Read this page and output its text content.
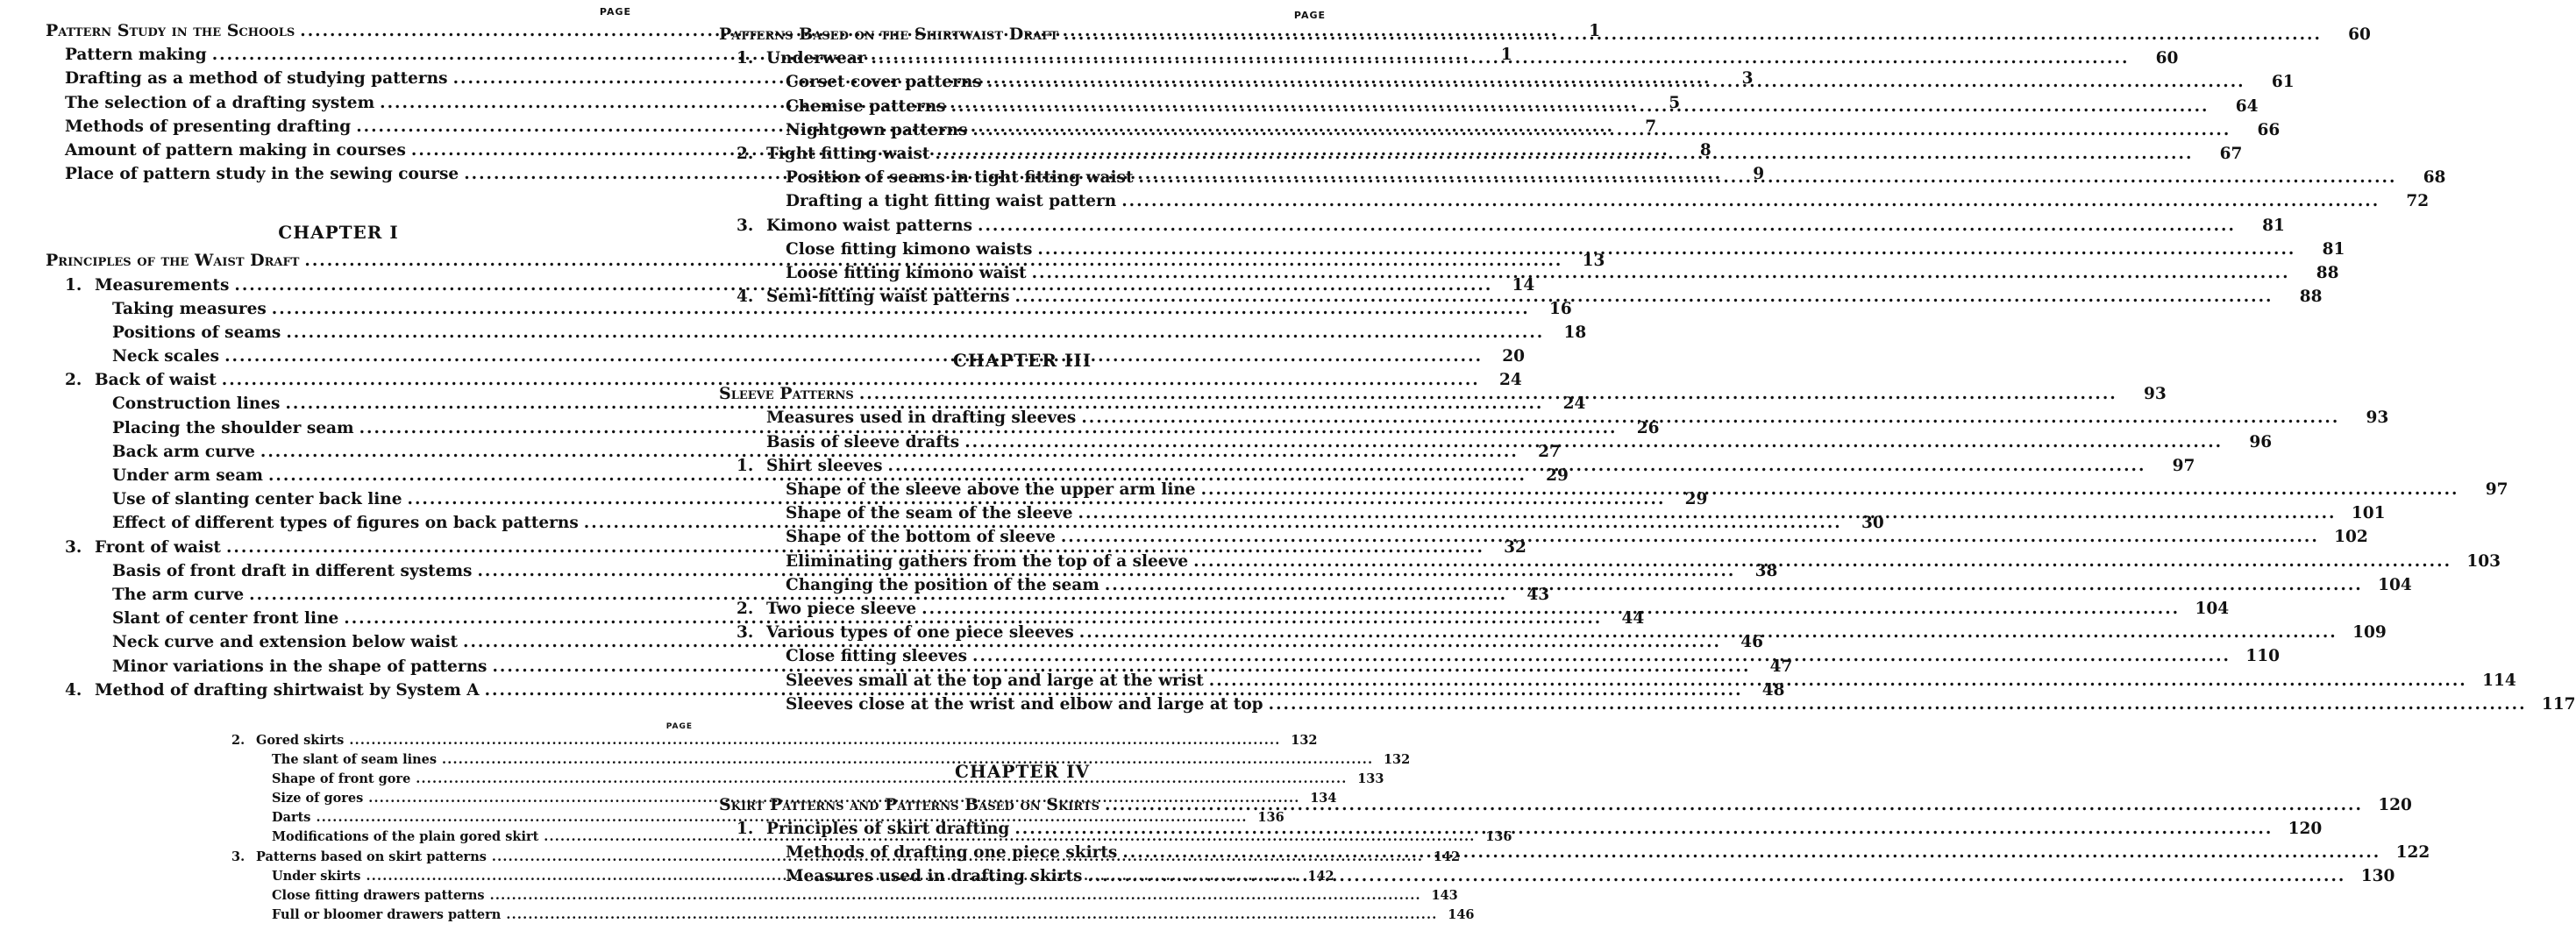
PAGE
Pattern Study in the Schools .....	1
Pattern making .....	1
Drafting as a method of studying patterns .....	3
The selection of a drafting system .....	5
Methods of presenting drafting .....	7
Amount of pattern making in courses .....	8
Place of pattern study in the sewing course .....	9
CHAPTER I
Principles of the Waist Draft .....	13
1. Measurements .....	14
Taking measures .....	16
Positions of seams .....	18
Neck scales .....	20
2. Back of waist .....	24
Construction lines .....	24
Placing the shoulder seam .....	26
Back arm curve .....	27
Under arm seam .....	29
Use of slanting center back line .....	29
Effect of different types of figures on back patterns .....	30
3. Front of waist .....	32
Basis of front draft in different systems .....	38
The arm curve .....	43
Slant of center front line .....	44
Neck curve and extension below waist .....	46
Minor variations in the shape of patterns .....	47
4. Method of drafting shirtwaist by System A .....	48
PAGE
2. Gored skirts .....	132
The slant of seam lines .....	132
Shape of front gore .....	133
Size of gores .....	134
Darts .....	136
Modifications of the plain gored skirt .....	136
3. Patterns based on skirt patterns .....	142
Under skirts .....	142
Close fitting drawers patterns .....	143
Full or bloomer drawers pattern .....	146
PAGE
Patterns Based on the Shirtwaist Draft .....	60
1. Underwear .....	60
Corset cover patterns .....	61
Chemise patterns .....	64
Nightgown patterns .....	66
2. Tight fitting waist .....	67
Position of seams in tight fitting waist .....	68
Drafting a tight fitting waist pattern .....	72
3. Kimono waist patterns .....	81
Close fitting kimono waists .....	81
Loose fitting kimono waist .....	88
4. Semi-fitting waist patterns .....	88
CHAPTER III
Sleeve Patterns .....	93
Measures used in drafting sleeves .....	93
Basis of sleeve drafts .....	96
1. Shirt sleeves .....	97
Shape of the sleeve above the upper arm line .....	97
Shape of the seam of the sleeve .....	101
Shape of the bottom of sleeve .....	102
Eliminating gathers from the top of a sleeve .....	103
Changing the position of the seam .....	104
2. Two piece sleeve .....	104
3. Various types of one piece sleeves .....	109
Close fitting sleeves .....	110
Sleeves small at the top and large at the wrist .....	114
Sleeves close at the wrist and elbow and large at top .....	117
CHAPTER IV
Skirt Patterns and Patterns Based on Skirts .....	120
1. Principles of skirt drafting .....	120
Methods of drafting one piece skirts .....	122
Measures used in drafting skirts .....	130
